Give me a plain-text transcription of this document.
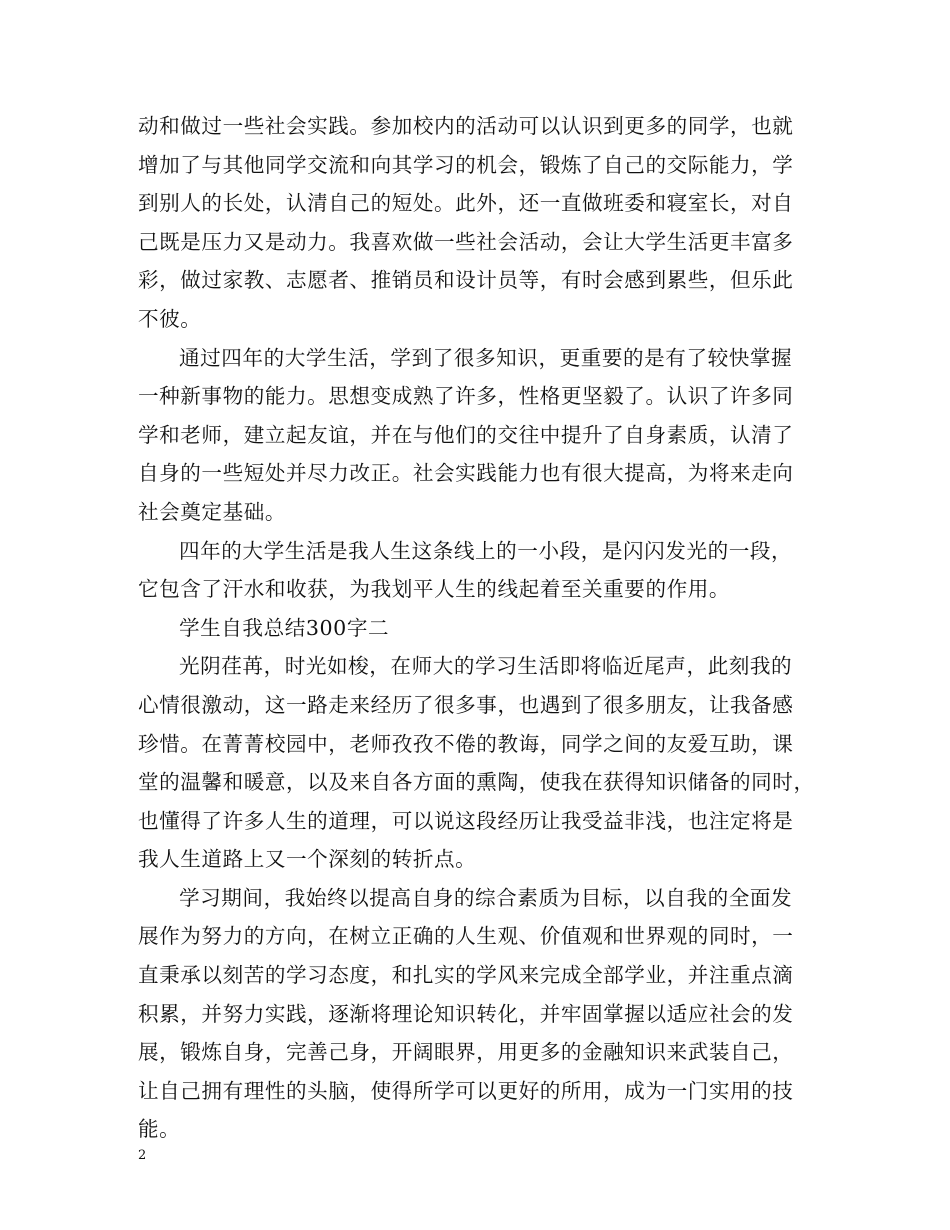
动和做过一些社会实践。参加校内的活动可以认识到更多的同学，也就
增加了与其他同学交流和向其学习的机会，锻炼了自己的交际能力，学
到别人的长处，认清自己的短处。此外，还一直做班委和寝室长，对自
己既是压力又是动力。我喜欢做一些社会活动，会让大学生活更丰富多
彩，做过家教、志愿者、推销员和设计员等，有时会感到累些，但乐此
不彼。
通过四年的大学生活，学到了很多知识，更重要的是有了较快掌握
一种新事物的能力。思想变成熟了许多，性格更坚毅了。认识了许多同
学和老师，建立起友谊，并在与他们的交往中提升了自身素质，认清了
自身的一些短处并尽力改正。社会实践能力也有很大提高，为将来走向
社会奠定基础。
四年的大学生活是我人生这条线上的一小段，是闪闪发光的一段，
它包含了汗水和收获，为我划平人生的线起着至关重要的作用。
学生自我总结300字二
光阴荏苒，时光如梭，在师大的学习生活即将临近尾声，此刻我的
心情很激动，这一路走来经历了很多事，也遇到了很多朋友，让我备感
珍惜。在菁菁校园中，老师孜孜不倦的教诲，同学之间的友爱互助，课
堂的温馨和暖意，以及来自各方面的熏陶，使我在获得知识储备的同时，
也懂得了许多人生的道理，可以说这段经历让我受益非浅，也注定将是
我人生道路上又一个深刻的转折点。
学习期间，我始终以提高自身的综合素质为目标，以自我的全面发
展作为努力的方向，在树立正确的人生观、价值观和世界观的同时，一
直秉承以刻苦的学习态度，和扎实的学风来完成全部学业，并注重点滴
积累，并努力实践，逐渐将理论知识转化，并牢固掌握以适应社会的发
展，锻炼自身，完善己身，开阔眼界，用更多的金融知识来武装自己，
让自己拥有理性的头脑，使得所学可以更好的所用，成为一门实用的技
能。
2
